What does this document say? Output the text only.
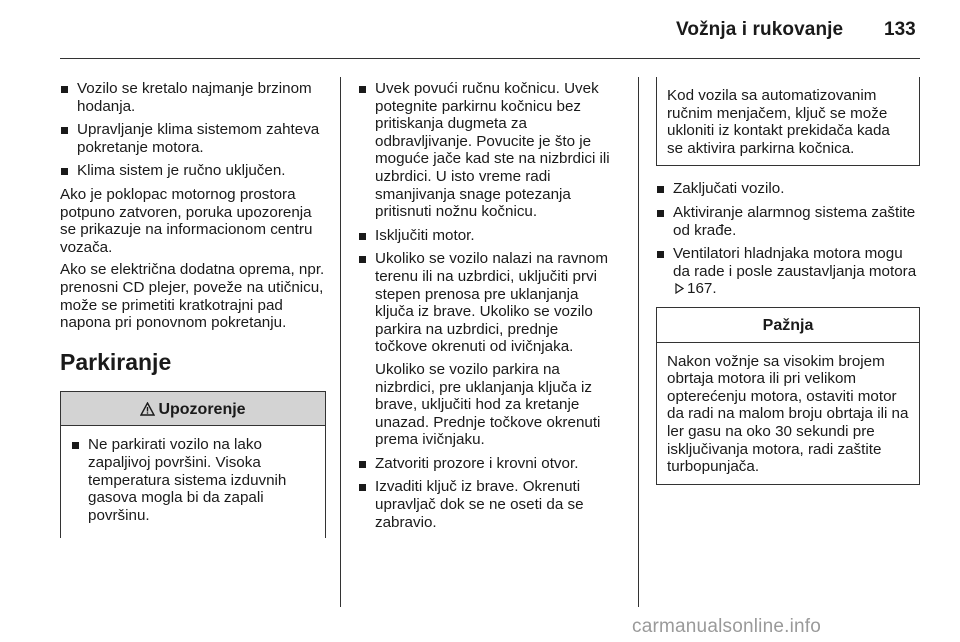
Vožnja i rukovanje 133
Vozilo se kretalo najmanje brzinom hodanja.
Upravljanje klima sistemom zahteva pokretanje motora.
Klima sistem je ručno uključen.

Ako je poklopac motornog prostora potpuno zatvoren, poruka upozorenja se prikazuje na informacionom centru vozača.

Ako se električna dodatna oprema, npr. prenosni CD plejer, poveže na utičnicu, može se primetiti kratkotrajni pad napona pri ponovnom pokretanju.

Parkiranje
Upozorenje
Ne parkirati vozilo na lako zapaljivoj površini. Visoka temperatura sistema izduvnih gasova mogla bi da zapali površinu.
Uvek povući ručnu kočnicu. Uvek potegnite parkirnu kočnicu bez pritiskanja dugmeta za odbravljivanje. Povucite je što je moguće jače kad ste na nizbrdici ili uzbrdici. U isto vreme radi smanjivanja snage potezanja pritisnuti nožnu kočnicu.
Isključiti motor.
Ukoliko se vozilo nalazi na ravnom terenu ili na uzbrdici, uključiti prvi stepen prenosa pre uklanjanja ključa iz brave. Ukoliko se vozilo parkira na uzbrdici, prednje točkove okrenuti od ivičnjaka.
Ukoliko se vozilo parkira na nizbrdici, pre uklanjanja ključa iz brave, uključiti hod za kretanje unazad. Prednje točkove okrenuti prema ivičnjaku.
Zatvoriti prozore i krovni otvor.
Izvaditi ključ iz brave. Okrenuti upravljač dok se ne oseti da se zabravio.
Kod vozila sa automatizovanim ručnim menjačem, ključ se može ukloniti iz kontakt prekidača kada se aktivira parkirna kočnica.
Zaključati vozilo.
Aktiviranje alarmnog sistema zaštite od krađe.
Ventilatori hladnjaka motora mogu da rade i posle zaustavljanja motora167.
Pažnja
Nakon vožnje sa visokim brojem obrtaja motora ili pri velikom opterećenju motora, ostaviti motor da radi na malom broju obrtaja ili na ler gasu na oko 30 sekundi pre isključivanja motora, radi zaštite turbopunjača.
carmanualsonline.info
